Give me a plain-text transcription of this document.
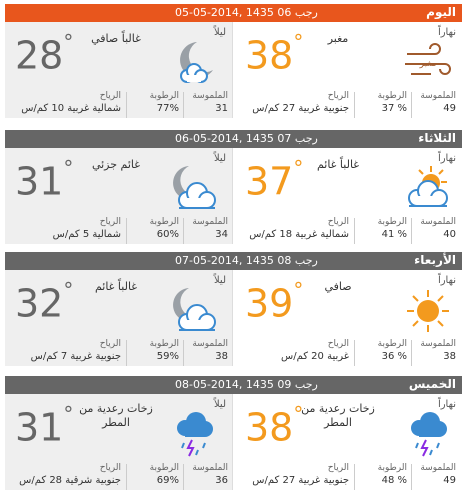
05-05-2014, 1435 06 رجب	اليوم
ليلاً
28°	غالباً صافي
الرياح
شمالية غربية 10 كم/س
الرطوبة
77%
الملموسة
31
نهاراً
38°	مغبر
مغبر
الرياح
جنوبية غربية 27 كم/س
الرطوبة
% 37
الملموسة
49
06-05-2014, 1435 07 رجب	الثلاثاء
ليلاً
31°	غائم جزئي
الرياح
شمالية 5 كم/س
الرطوبة
60%
الملموسة
34
نهاراً
37°	غالباً غائم
الرياح
شمالية غربية 18 كم/س
الرطوبة
% 41
الملموسة
40
07-05-2014, 1435 08 رجب	الأربعاء
ليلاً
32°	غالباً غائم
الرياح
جنوبية غربية 7 كم/س
الرطوبة
59%
الملموسة
38
نهاراً
39°	صافي
الرياح
غربية 20 كم/س
الرطوبة
% 36
الملموسة
38
08-05-2014, 1435 09 رجب	الخميس
ليلاً
31° زخات رعدية من المطر
الرياح
جنوبية شرقية 28 كم/س
الرطوبة
69%
الملموسة
36
نهاراً
38°
زخات رعدية من المطر
الرياح
جنوبية غربية 27 كم/س
الرطوبة
% 48
الملموسة
49
